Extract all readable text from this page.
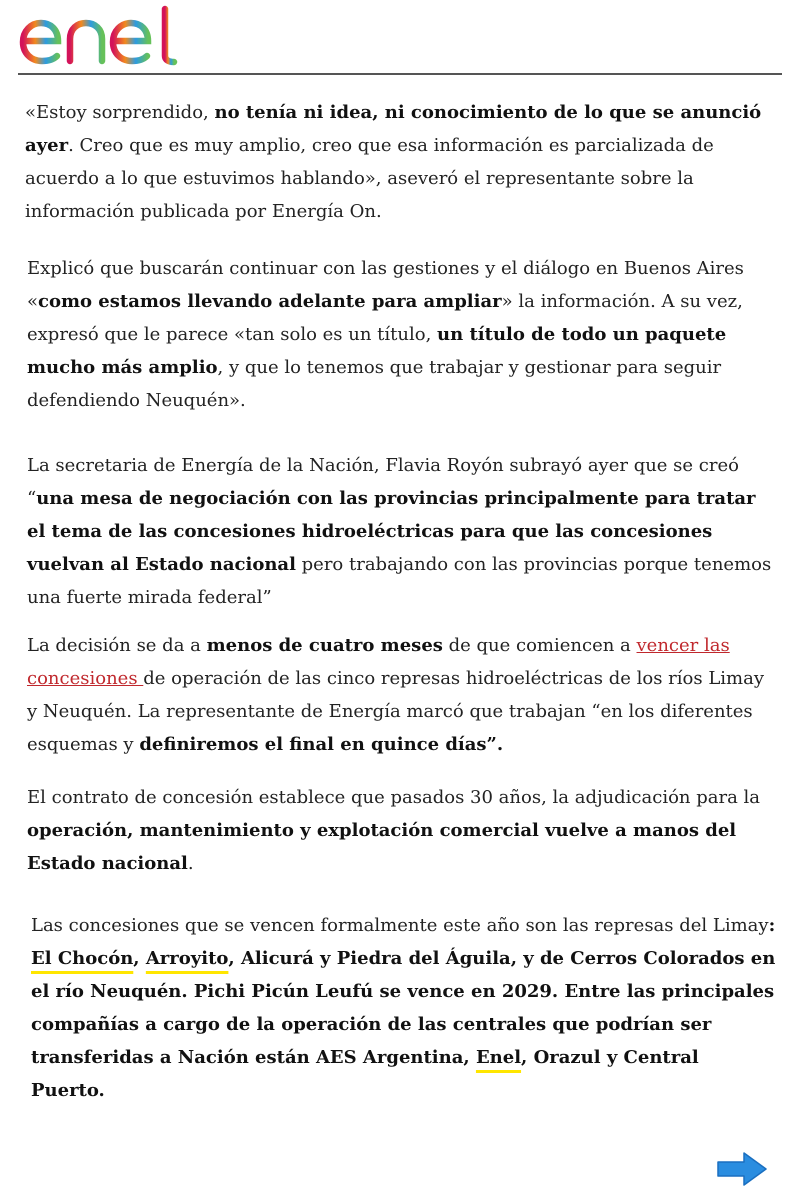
«Estoy sorprendido, no tenía ni idea, ni conocimiento de lo que se anunció ayer. Creo que es muy amplio, creo que esa información es parcializada de acuerdo a lo que estuvimos hablando», aseveró el representante sobre la información publicada por Energía On.

Explicó que buscarán continuar con las gestiones y el diálogo en Buenos Aires «como estamos llevando adelante para ampliar» la información. A su vez, expresó que le parece «tan solo es un título, un título de todo un paquete mucho más amplio, y que lo tenemos que trabajar y gestionar para seguir defendiendo Neuquén».

La secretaria de Energía de la Nación, Flavia Royón subrayó ayer que se creó “una mesa de negociación con las provincias principalmente para tratar el tema de las concesiones hidroeléctricas para que las concesiones vuelvan al Estado nacional pero trabajando con las provincias porque tenemos una fuerte mirada federal”

La decisión se da a menos de cuatro meses de que comiencen a vencer las concesiones de operación de las cinco represas hidroeléctricas de los ríos Limay y Neuquén. La representante de Energía marcó que trabajan “en los diferentes esquemas y definiremos el final en quince días”.

El contrato de concesión establece que pasados 30 años, la adjudicación para la operación, mantenimiento y explotación comercial vuelve a manos del Estado nacional.

Las concesiones que se vencen formalmente este año son las represas del Limay: El Chocón, Arroyito, Alicurá y Piedra del Águila, y de Cerros Colorados en el río Neuquén. Pichi Picún Leufú se vence en 2029. Entre las principales compañías a cargo de la operación de las centrales que podrían ser transferidas a Nación están AES Argentina, Enel, Orazul y Central Puerto.
